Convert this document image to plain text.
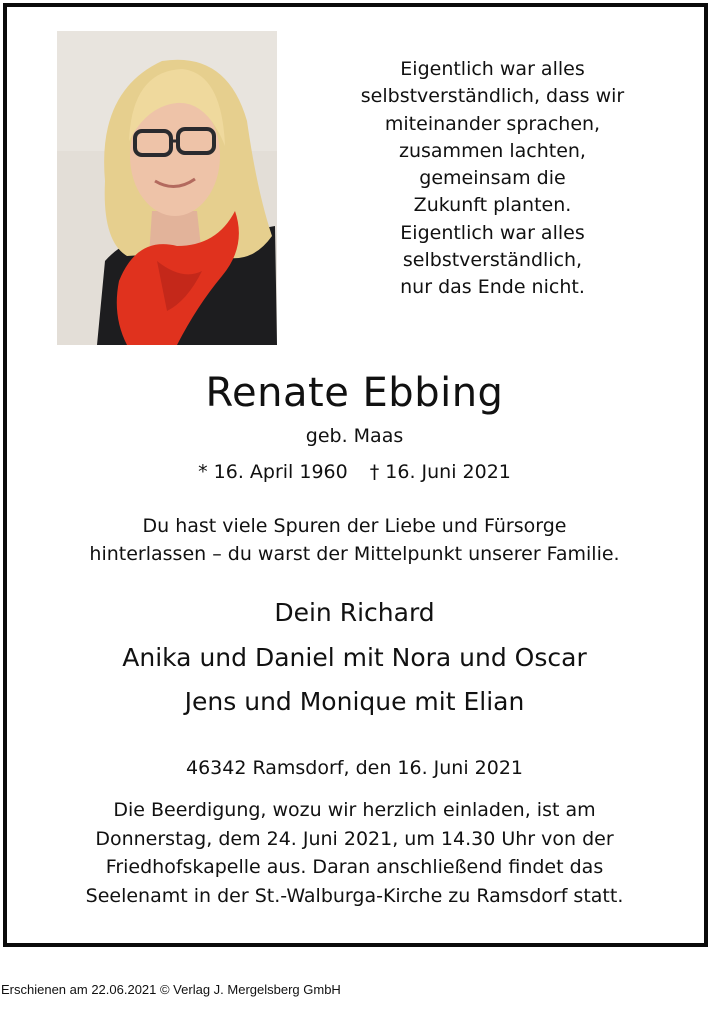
Eigentlich war alles
selbstverständlich, dass wir
miteinander sprachen,
zusammen lachten,
gemeinsam die
Zukunft planten.
Eigentlich war alles
selbstverständlich,
nur das Ende nicht.
Renate Ebbing
geb. Maas
* 16. April 1960 † 16. Juni 2021
Du hast viele Spuren der Liebe und Fürsorge
hinterlassen – du warst der Mittelpunkt unserer Familie.
Dein Richard
Anika und Daniel mit Nora und Oscar
Jens und Monique mit Elian
46342 Ramsdorf, den 16. Juni 2021
Die Beerdigung, wozu wir herzlich einladen, ist am
Donnerstag, dem 24. Juni 2021, um 14.30 Uhr von der
Friedhofskapelle aus. Daran anschließend findet das
Seelenamt in der St.-Walburga-Kirche zu Ramsdorf statt.
Erschienen am 22.06.2021 © Verlag J. Mergelsberg GmbH
